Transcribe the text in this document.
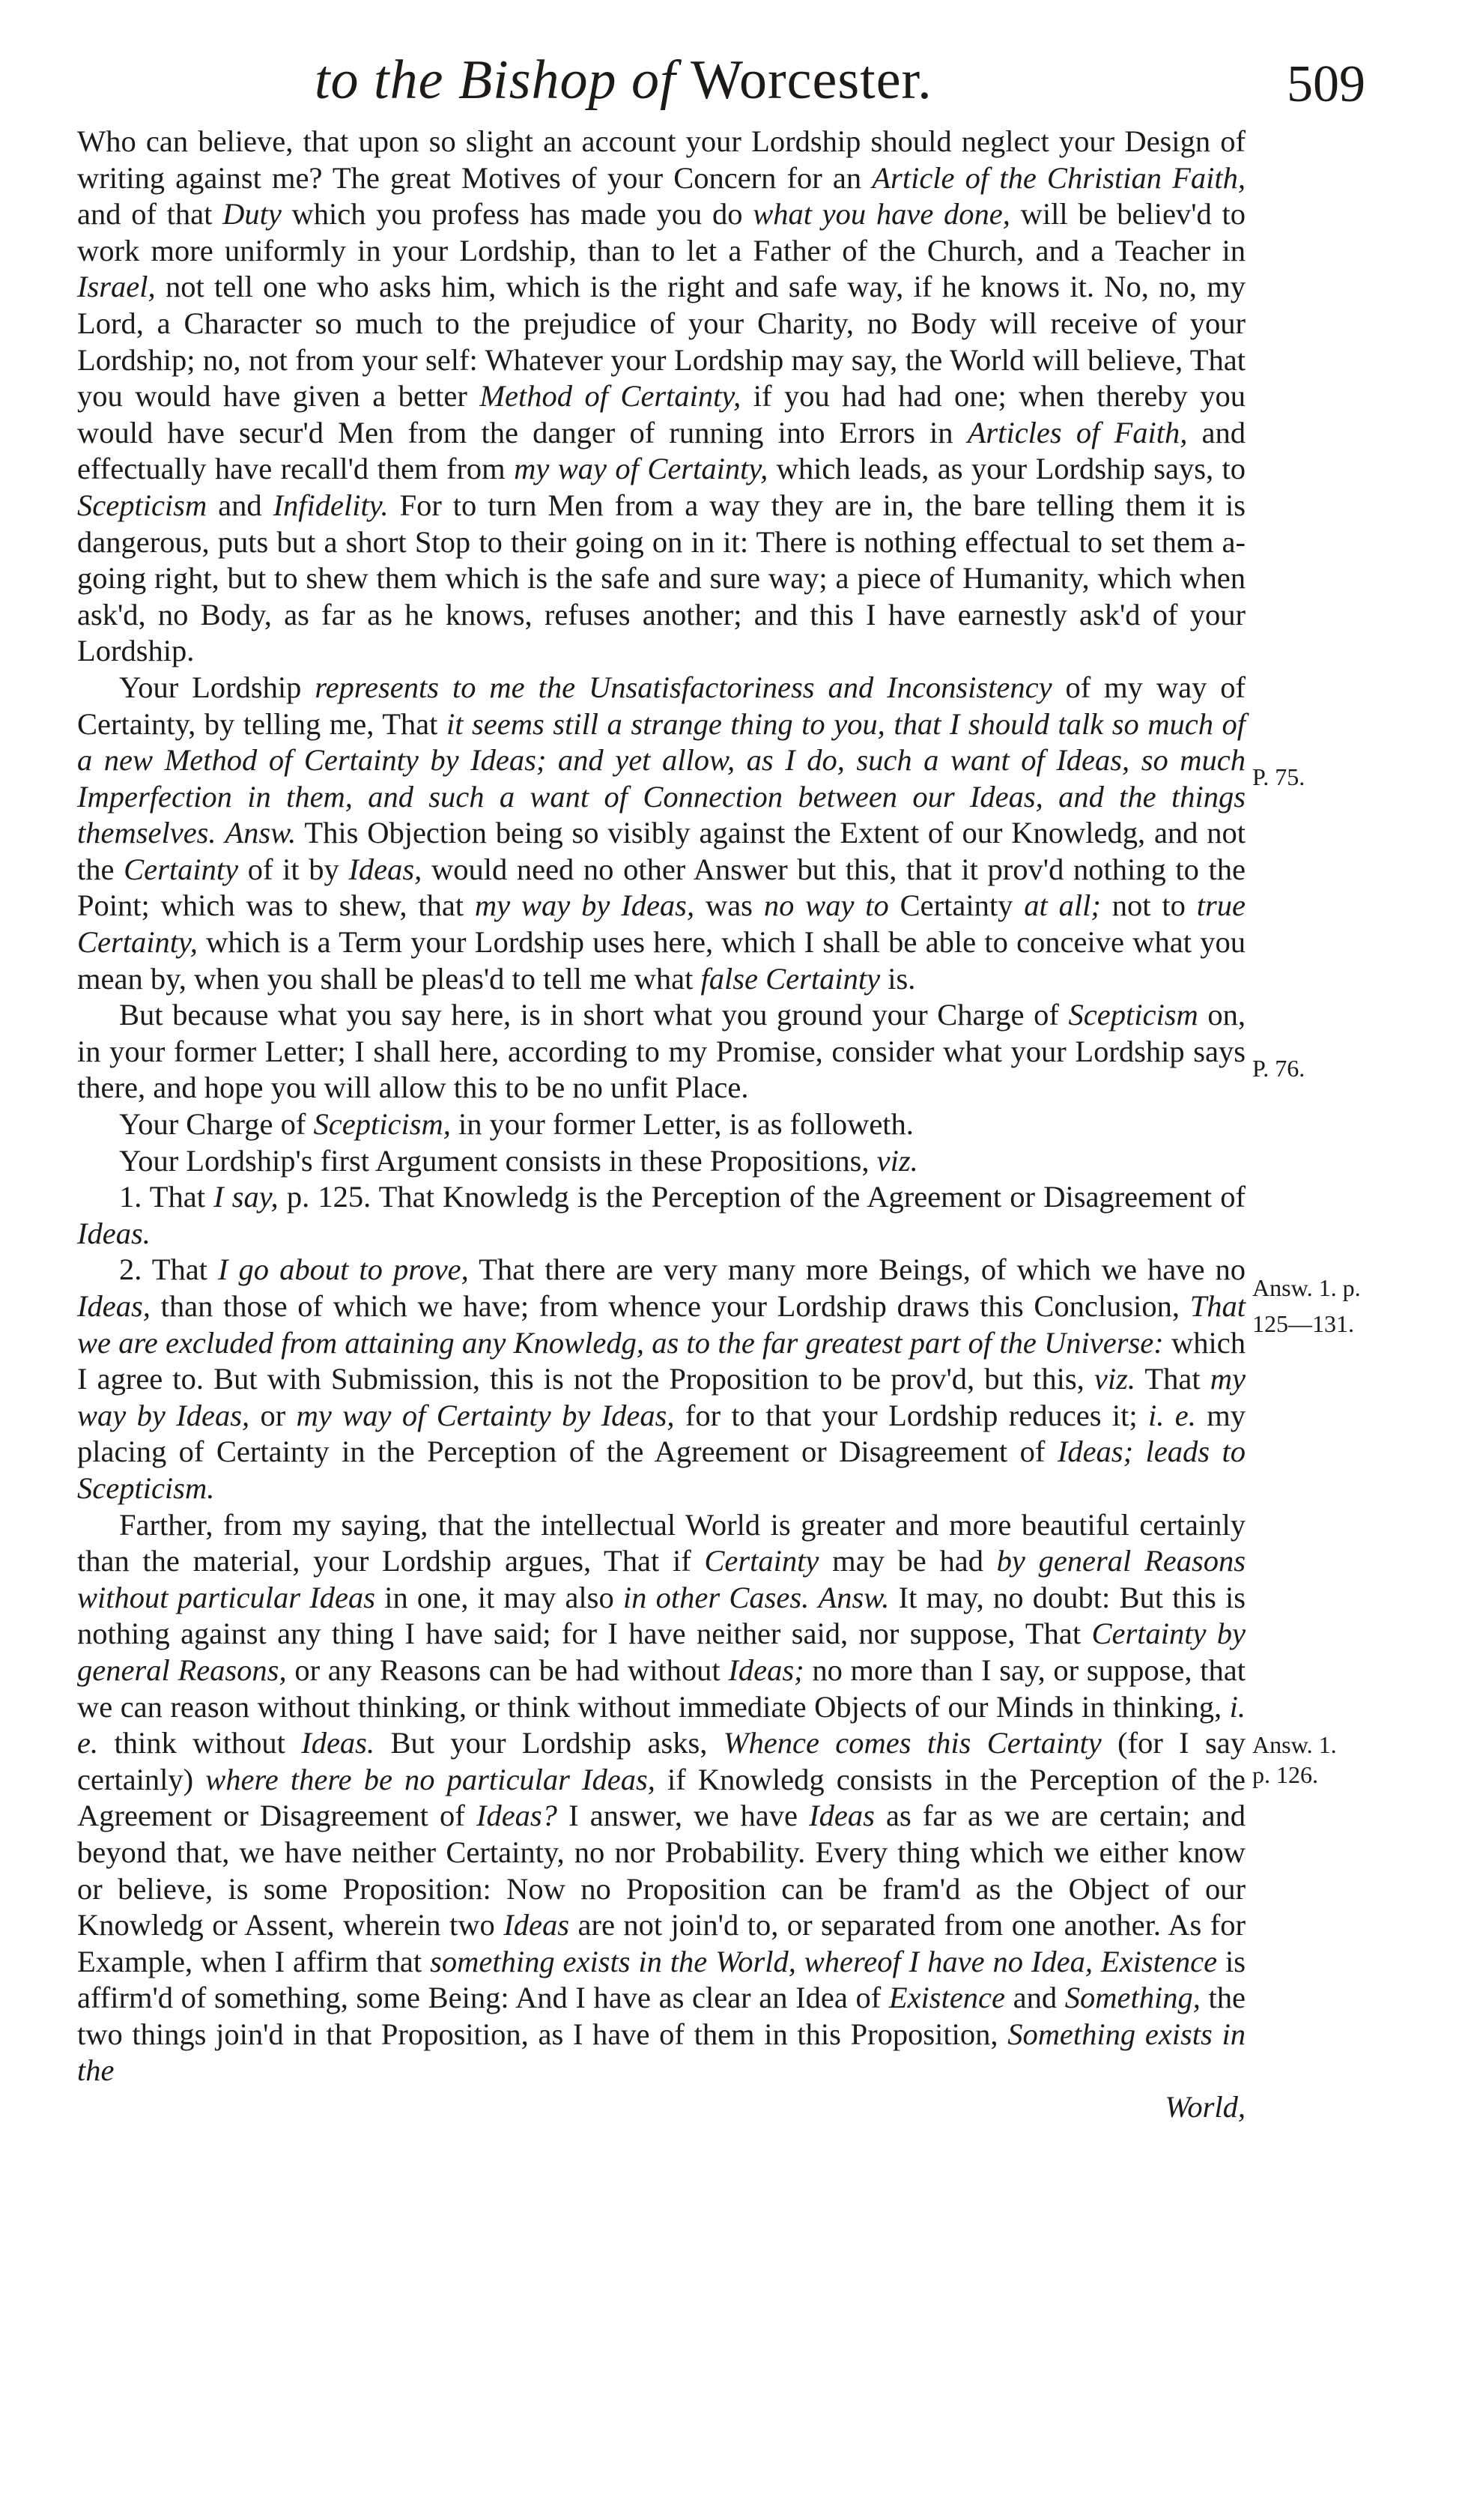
to the Bishop of Worcester.	509

Who can believe, that upon so slight an account your Lordship should neglect your Design of writing against me? The great Motives of your Concern for an Article of the Christian Faith, and of that Duty which you profess has made you do what you have done, will be believ'd to work more uniformly in your Lordship, than to let a Father of the Church, and a Teacher in Israel, not tell one who asks him, which is the right and safe way, if he knows it. No, no, my Lord, a Character so much to the prejudice of your Charity, no Body will receive of your Lordship; no, not from your self: Whatever your Lordship may say, the World will believe, That you would have given a better Method of Certainty, if you had had one; when thereby you would have secur'd Men from the danger of running into Errors in Articles of Faith, and effectually have recall'd them from my way of Certainty, which leads, as your Lordship says, to Scepticism and Infidelity. For to turn Men from a way they are in, the bare telling them it is dangerous, puts but a short Stop to their going on in it: There is nothing effectual to set them a-going right, but to shew them which is the safe and sure way; a piece of Humanity, which when ask'd, no Body, as far as he knows, refuses another; and this I have earnestly ask'd of your Lordship.

Your Lordship represents to me the Unsatisfactoriness and Inconsistency of my way of Certainty, by telling me, That it seems still a strange thing to you, that I should talk so much of a new Method of Certainty by Ideas; and yet allow, as I do, such a want of Ideas, so much Imperfection in them, and such a want of Connection between our Ideas, and the things themselves. Answ. This Objection being so visibly against the Extent of our Knowledg, and not the Certainty of it by Ideas, would need no other Answer but this, that it prov'd nothing to the Point; which was to shew, that my way by Ideas, was no way to Certainty at all; not to true Certainty, which is a Term your Lordship uses here, which I shall be able to conceive what you mean by, when you shall be pleas'd to tell me what false Certainty is.

But because what you say here, is in short what you ground your Charge of Scepticism on, in your former Letter; I shall here, according to my Promise, consider what your Lordship says there, and hope you will allow this to be no unfit Place.

Your Charge of Scepticism, in your former Letter, is as followeth.

Your Lordship's first Argument consists in these Propositions, viz.

1. That I say, p. 125. That Knowledg is the Perception of the Agreement or Disagreement of Ideas.

2. That I go about to prove, That there are very many more Beings, of which we have no Ideas, than those of which we have; from whence your Lordship draws this Conclusion, That we are excluded from attaining any Knowledg, as to the far greatest part of the Universe: which I agree to. But with Submission, this is not the Proposition to be prov'd, but this, viz. That my way by Ideas, or my way of Certainty by Ideas, for to that your Lordship reduces it; i. e. my placing of Certainty in the Perception of the Agreement or Disagreement of Ideas; leads to Scepticism.

Farther, from my saying, that the intellectual World is greater and more beautiful certainly than the material, your Lordship argues, That if Certainty may be had by general Reasons without particular Ideas in one, it may also in other Cases. Answ. It may, no doubt: But this is nothing against any thing I have said; for I have neither said, nor suppose, That Certainty by general Reasons, or any Reasons can be had without Ideas; no more than I say, or suppose, that we can reason without thinking, or think without immediate Objects of our Minds in thinking, i. e. think without Ideas. But your Lordship asks, Whence comes this Certainty (for I say certainly) where there be no particular Ideas, if Knowledg consists in the Perception of the Agreement or Disagreement of Ideas? I answer, we have Ideas as far as we are certain; and beyond that, we have neither Certainty, no nor Probability. Every thing which we either know or believe, is some Proposition: Now no Proposition can be fram'd as the Object of our Knowledg or Assent, wherein two Ideas are not join'd to, or separated from one another. As for Example, when I affirm that something exists in the World, whereof I have no Idea, Existence is affirm'd of something, some Being: And I have as clear an Idea of Existence and Something, the two things join'd in that Proposition, as I have of them in this Proposition, Something exists in the

World,
P. 75.
P. 76.
Answ. 1. p.
125—131.
Answ. 1.
p. 126.
